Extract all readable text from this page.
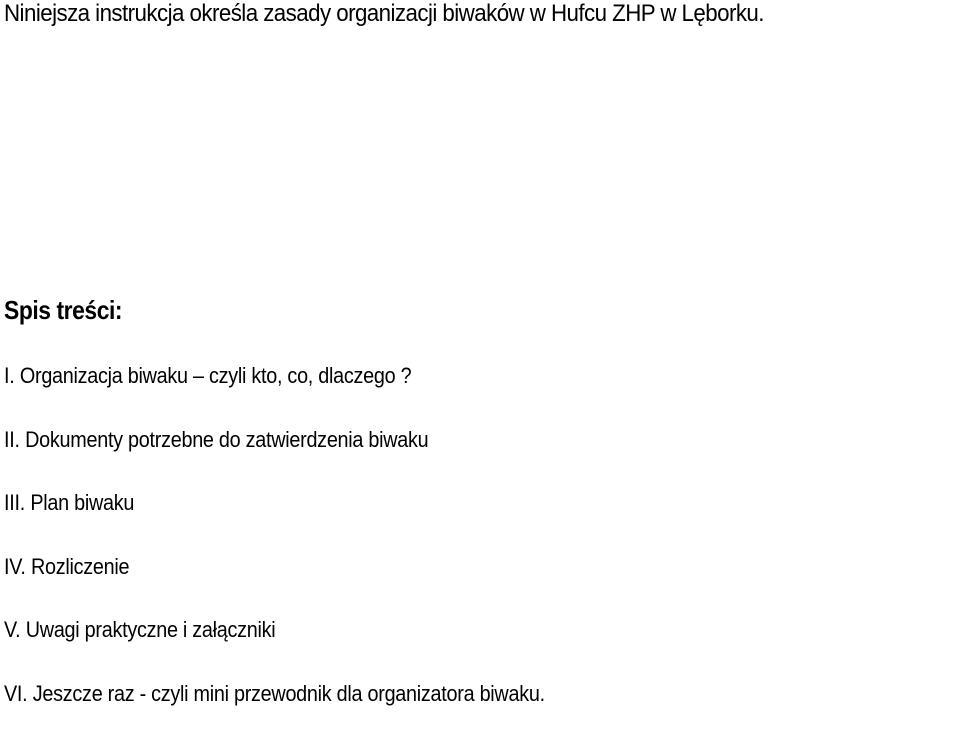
Niniejsza instrukcja określa zasady organizacji biwaków w Hufcu ZHP w Lęborku.
Spis treści:
I. Organizacja biwaku – czyli kto, co, dlaczego ?
II. Dokumenty potrzebne do zatwierdzenia biwaku
III. Plan biwaku
IV. Rozliczenie
V. Uwagi praktyczne i załączniki
VI. Jeszcze raz - czyli mini przewodnik dla organizatora biwaku.
